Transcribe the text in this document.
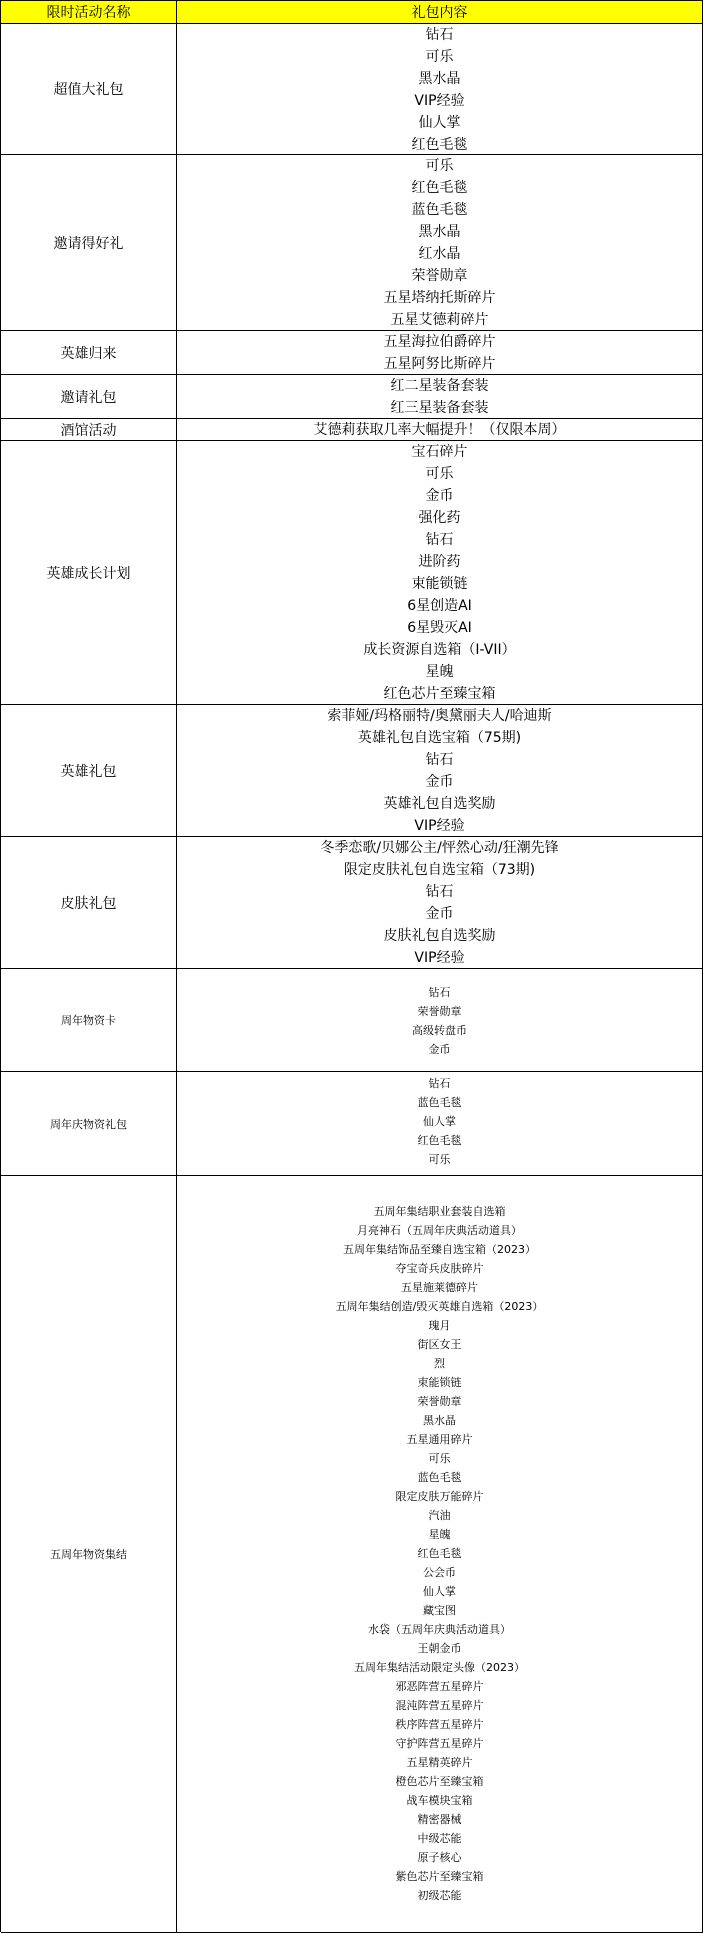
限时活动名称	礼包内容
超值大礼包
钻石
可乐
黑水晶
VIP经验
仙人掌
红色毛毯
邀请得好礼
可乐
红色毛毯
蓝色毛毯
黑水晶
红水晶
荣誉勋章
五星塔纳托斯碎片
五星艾德莉碎片
英雄归来
五星海拉伯爵碎片
五星阿努比斯碎片
邀请礼包
红二星装备套装
红三星装备套装
酒馆活动	艾德莉获取几率大幅提升！（仅限本周）
英雄成长计划
宝石碎片
可乐
金币
强化药
钻石
进阶药
束能锁链
6星创造AI
6星毁灭AI
成长资源自选箱（I-VII）
星魄
红色芯片至臻宝箱
英雄礼包
索菲娅/玛格丽特/奥黛丽夫人/哈迪斯
英雄礼包自选宝箱（75期)
钻石
金币
英雄礼包自选奖励
VIP经验
皮肤礼包
冬季恋歌/贝娜公主/怦然心动/狂潮先锋
限定皮肤礼包自选宝箱（73期)
钻石
金币
皮肤礼包自选奖励
VIP经验
周年物资卡
钻石
荣誉勋章
高级转盘币
金币
周年庆物资礼包
钻石
蓝色毛毯
仙人掌
红色毛毯
可乐
五周年物资集结
五周年集结职业套装自选箱
月亮神石（五周年庆典活动道具）
五周年集结饰品至臻自选宝箱（2023）
夺宝奇兵皮肤碎片
五星施莱德碎片
五周年集结创造/毁灭英雄自选箱（2023）
瑰月
街区女王
烈
束能锁链
荣誉勋章
黑水晶
五星通用碎片
可乐
蓝色毛毯
限定皮肤万能碎片
汽油
星魄
红色毛毯
公会币
仙人掌
藏宝图
水袋（五周年庆典活动道具）
王朝金币
五周年集结活动限定头像（2023）
邪恶阵营五星碎片
混沌阵营五星碎片
秩序阵营五星碎片
守护阵营五星碎片
五星精英碎片
橙色芯片至臻宝箱
战车模块宝箱
精密器械
中级芯能
原子核心
紫色芯片至臻宝箱
初级芯能
